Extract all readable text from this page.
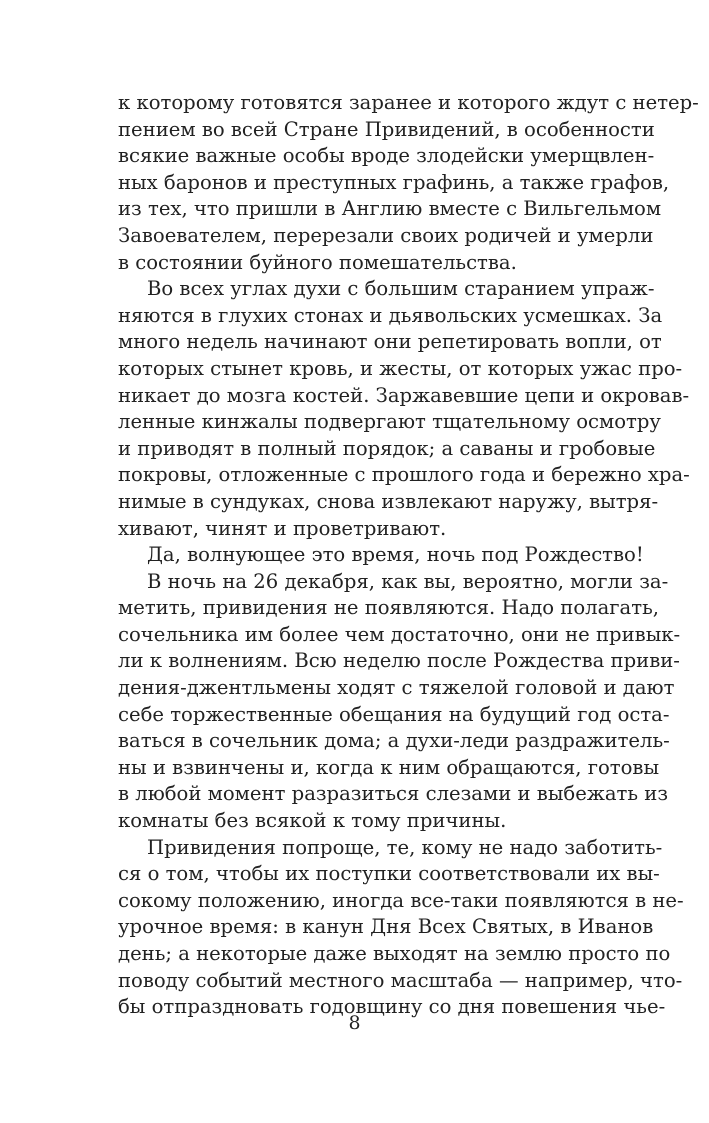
к которому готовятся заранее и которого ждут с нетер-
пением во всей Стране Привидений, в особенности
всякие важные особы вроде злодейски умерщвлен-
ных баронов и преступных графинь, а также графов,
из тех, что пришли в Англию вместе с Вильгельмом
Завоевателем, перерезали своих родичей и умерли
в состоянии буйного помешательства.
Во всех углах духи с большим старанием упраж-
няются в глухих стонах и дьявольских усмешках. За
много недель начинают они репетировать вопли, от
которых стынет кровь, и жесты, от которых ужас про-
никает до мозга костей. Заржавевшие цепи и окровав-
ленные кинжалы подвергают тщательному осмотру
и приводят в полный порядок; а саваны и гробовые
покровы, отложенные с прошлого года и бережно хра-
нимые в сундуках, снова извлекают наружу, вытря-
хивают, чинят и проветривают.
Да, волнующее это время, ночь под Рождество!
В ночь на 26 декабря, как вы, вероятно, могли за-
метить, привидения не появляются. Надо полагать,
сочельника им более чем достаточно, они не привык-
ли к волнениям. Всю неделю после Рождества приви-
дения-джентльмены ходят с тяжелой головой и дают
себе торжественные обещания на будущий год оста-
ваться в сочельник дома; а духи-леди раздражитель-
ны и взвинчены и, когда к ним обращаются, готовы
в любой момент разразиться слезами и выбежать из
комнаты без всякой к тому причины.
Привидения попроще, те, кому не надо заботить-
ся о том, чтобы их поступки соответствовали их вы-
сокому положению, иногда все-таки появляются в не-
урочное время: в канун Дня Всех Святых, в Иванов
день; а некоторые даже выходят на землю просто по
поводу событий местного масштаба — например, что-
бы отпраздновать годовщину со дня повешения чье-
8
